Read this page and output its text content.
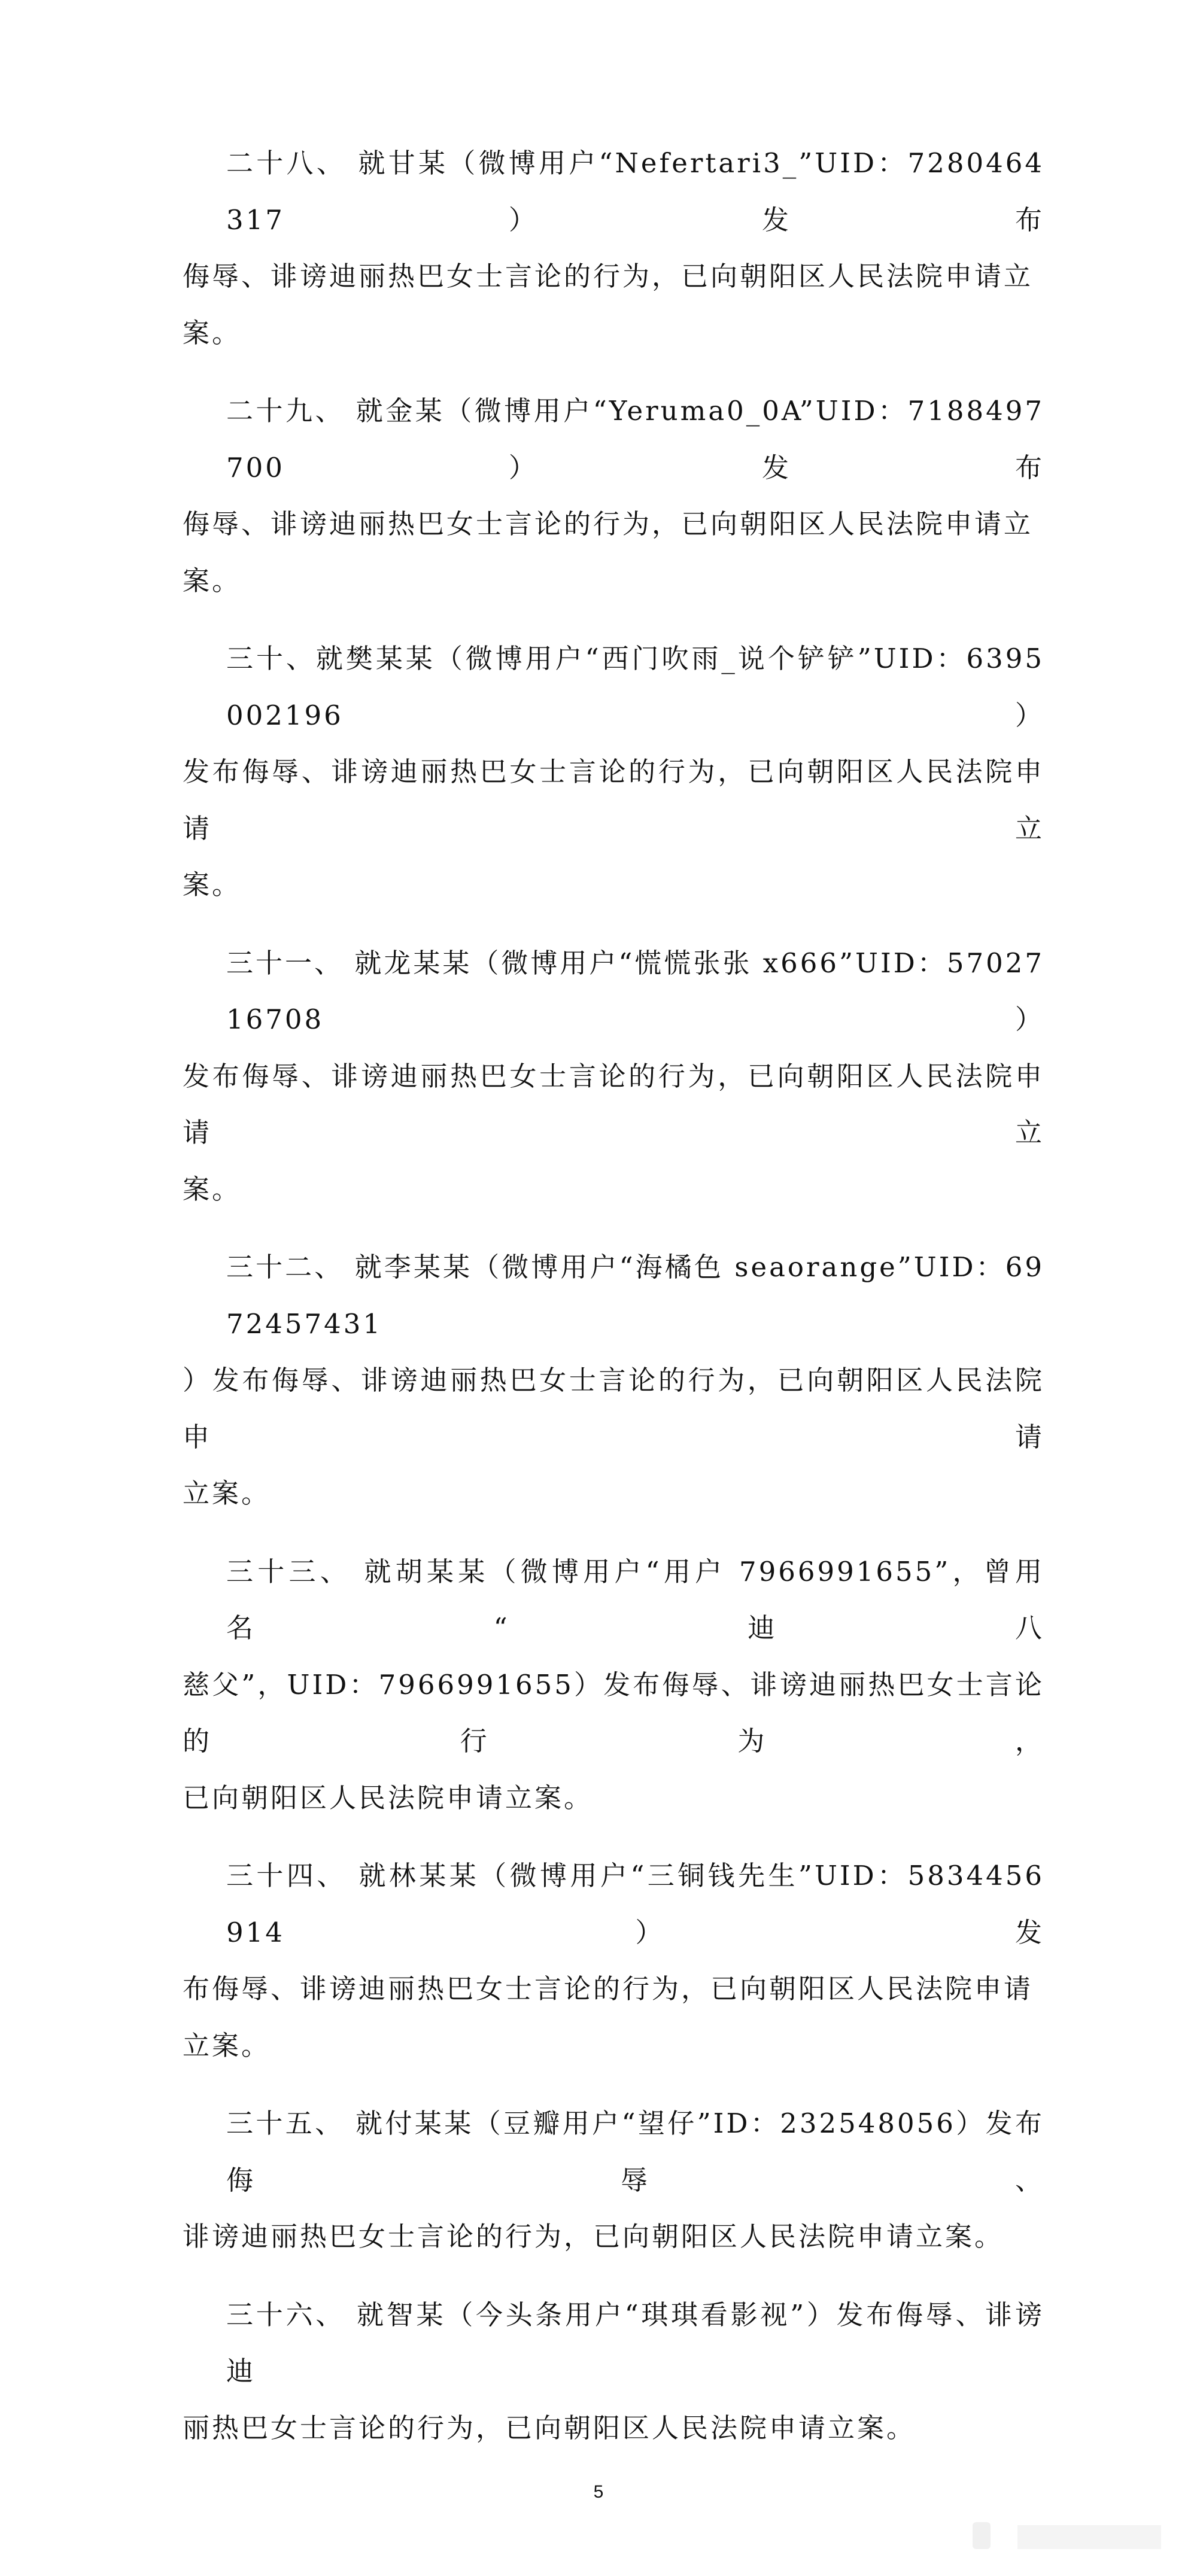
二十八、 就甘某（微博用户“Nefertari3_”UID：7280464317）发布
侮辱、诽谤迪丽热巴女士言论的行为，已向朝阳区人民法院申请立案。
二十九、 就金某（微博用户“Yeruma0_0A”UID：7188497700）发布
侮辱、诽谤迪丽热巴女士言论的行为，已向朝阳区人民法院申请立案。
三十、就樊某某（微博用户“西门吹雨_说个铲铲”UID：6395002196）
发布侮辱、诽谤迪丽热巴女士言论的行为，已向朝阳区人民法院申请立
案。
三十一、 就龙某某（微博用户“慌慌张张 x666”UID：5702716708）
发布侮辱、诽谤迪丽热巴女士言论的行为，已向朝阳区人民法院申请立
案。
三十二、 就李某某（微博用户“海橘色 seaorange”UID：6972457431
）发布侮辱、诽谤迪丽热巴女士言论的行为，已向朝阳区人民法院申请
立案。
三十三、 就胡某某（微博用户“用户 7966991655”，曾用名“迪八
慈父”，UID：7966991655）发布侮辱、诽谤迪丽热巴女士言论的行为，
已向朝阳区人民法院申请立案。
三十四、 就林某某（微博用户“三铜钱先生”UID：5834456914）发
布侮辱、诽谤迪丽热巴女士言论的行为，已向朝阳区人民法院申请立案。
三十五、 就付某某（豆瓣用户“望仔”ID：232548056）发布侮辱、
诽谤迪丽热巴女士言论的行为，已向朝阳区人民法院申请立案。
三十六、 就智某（今头条用户“琪琪看影视”）发布侮辱、诽谤迪
丽热巴女士言论的行为，已向朝阳区人民法院申请立案。
5
